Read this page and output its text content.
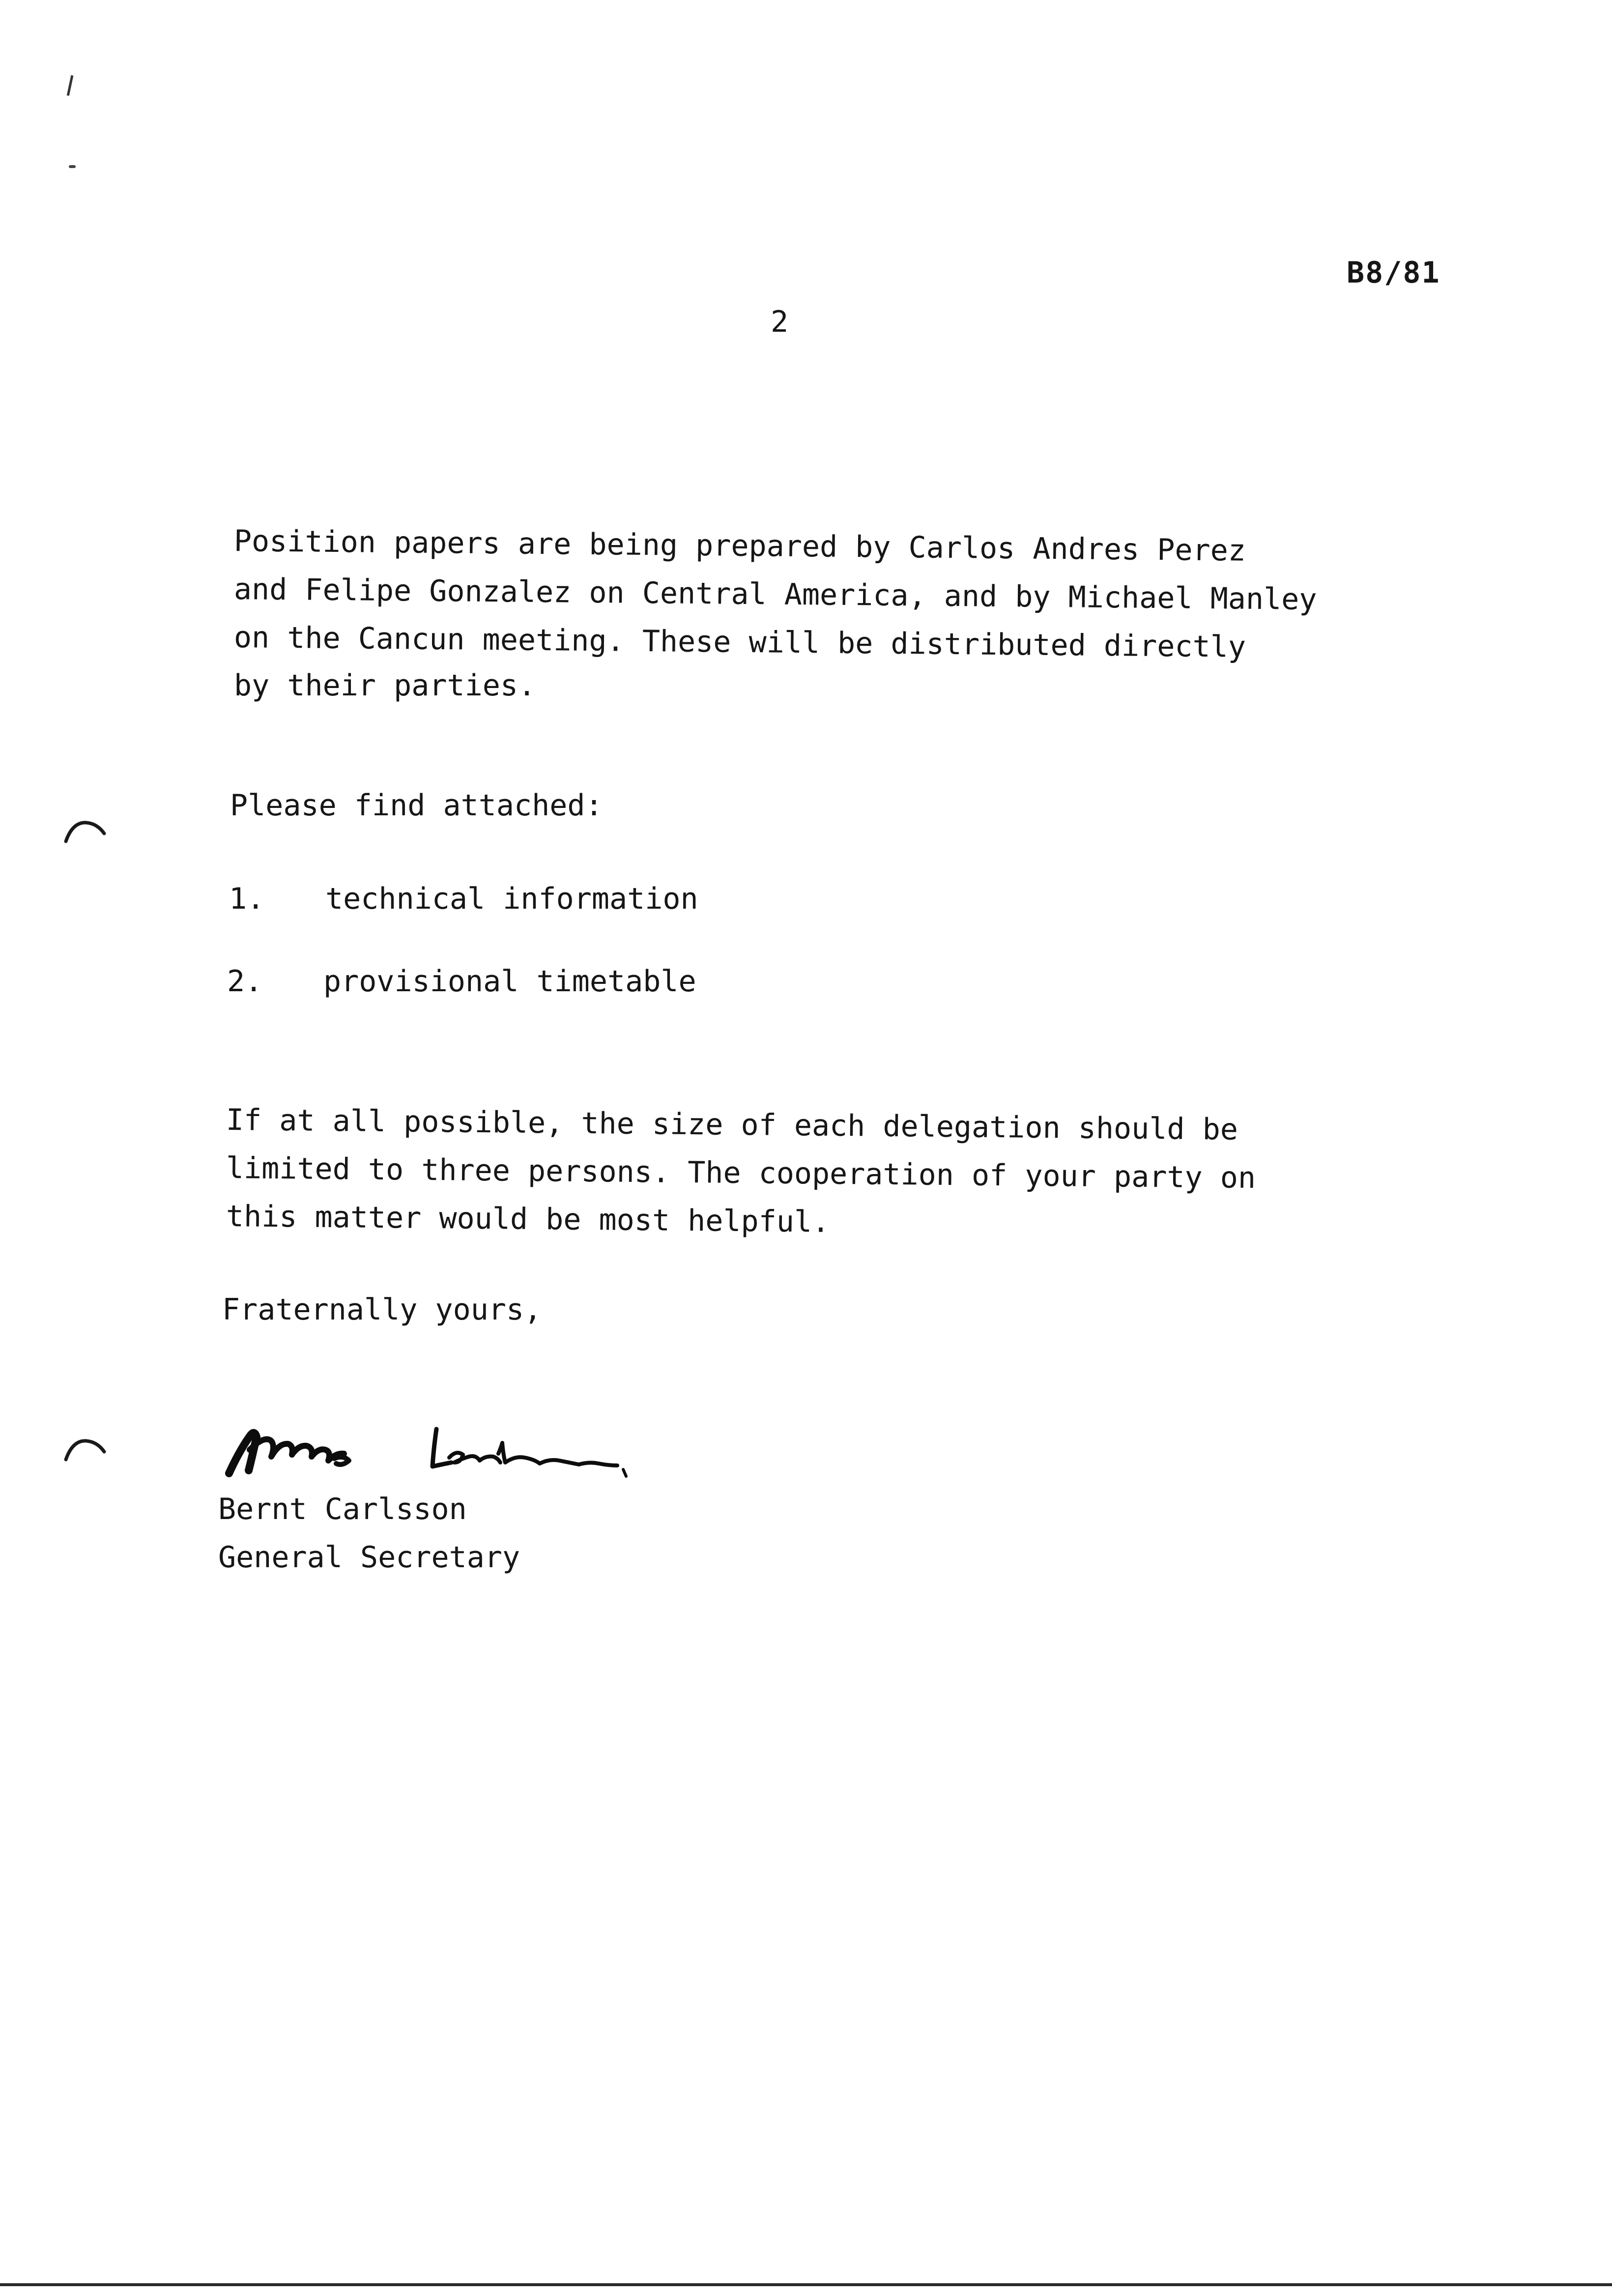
B8/81
2

Position papers are being prepared by Carlos Andres Perez
and Felipe Gonzalez on Central America, and by Michael Manley
on the Cancun meeting. These will be distributed directly
by their parties.

Please find attached:

1. technical information
2. provisional timetable

If at all possible, the size of each delegation should be
limited to three persons. The cooperation of your party on
this matter would be most helpful.

Fraternally yours,
Bernt Carlsson
General Secretary
